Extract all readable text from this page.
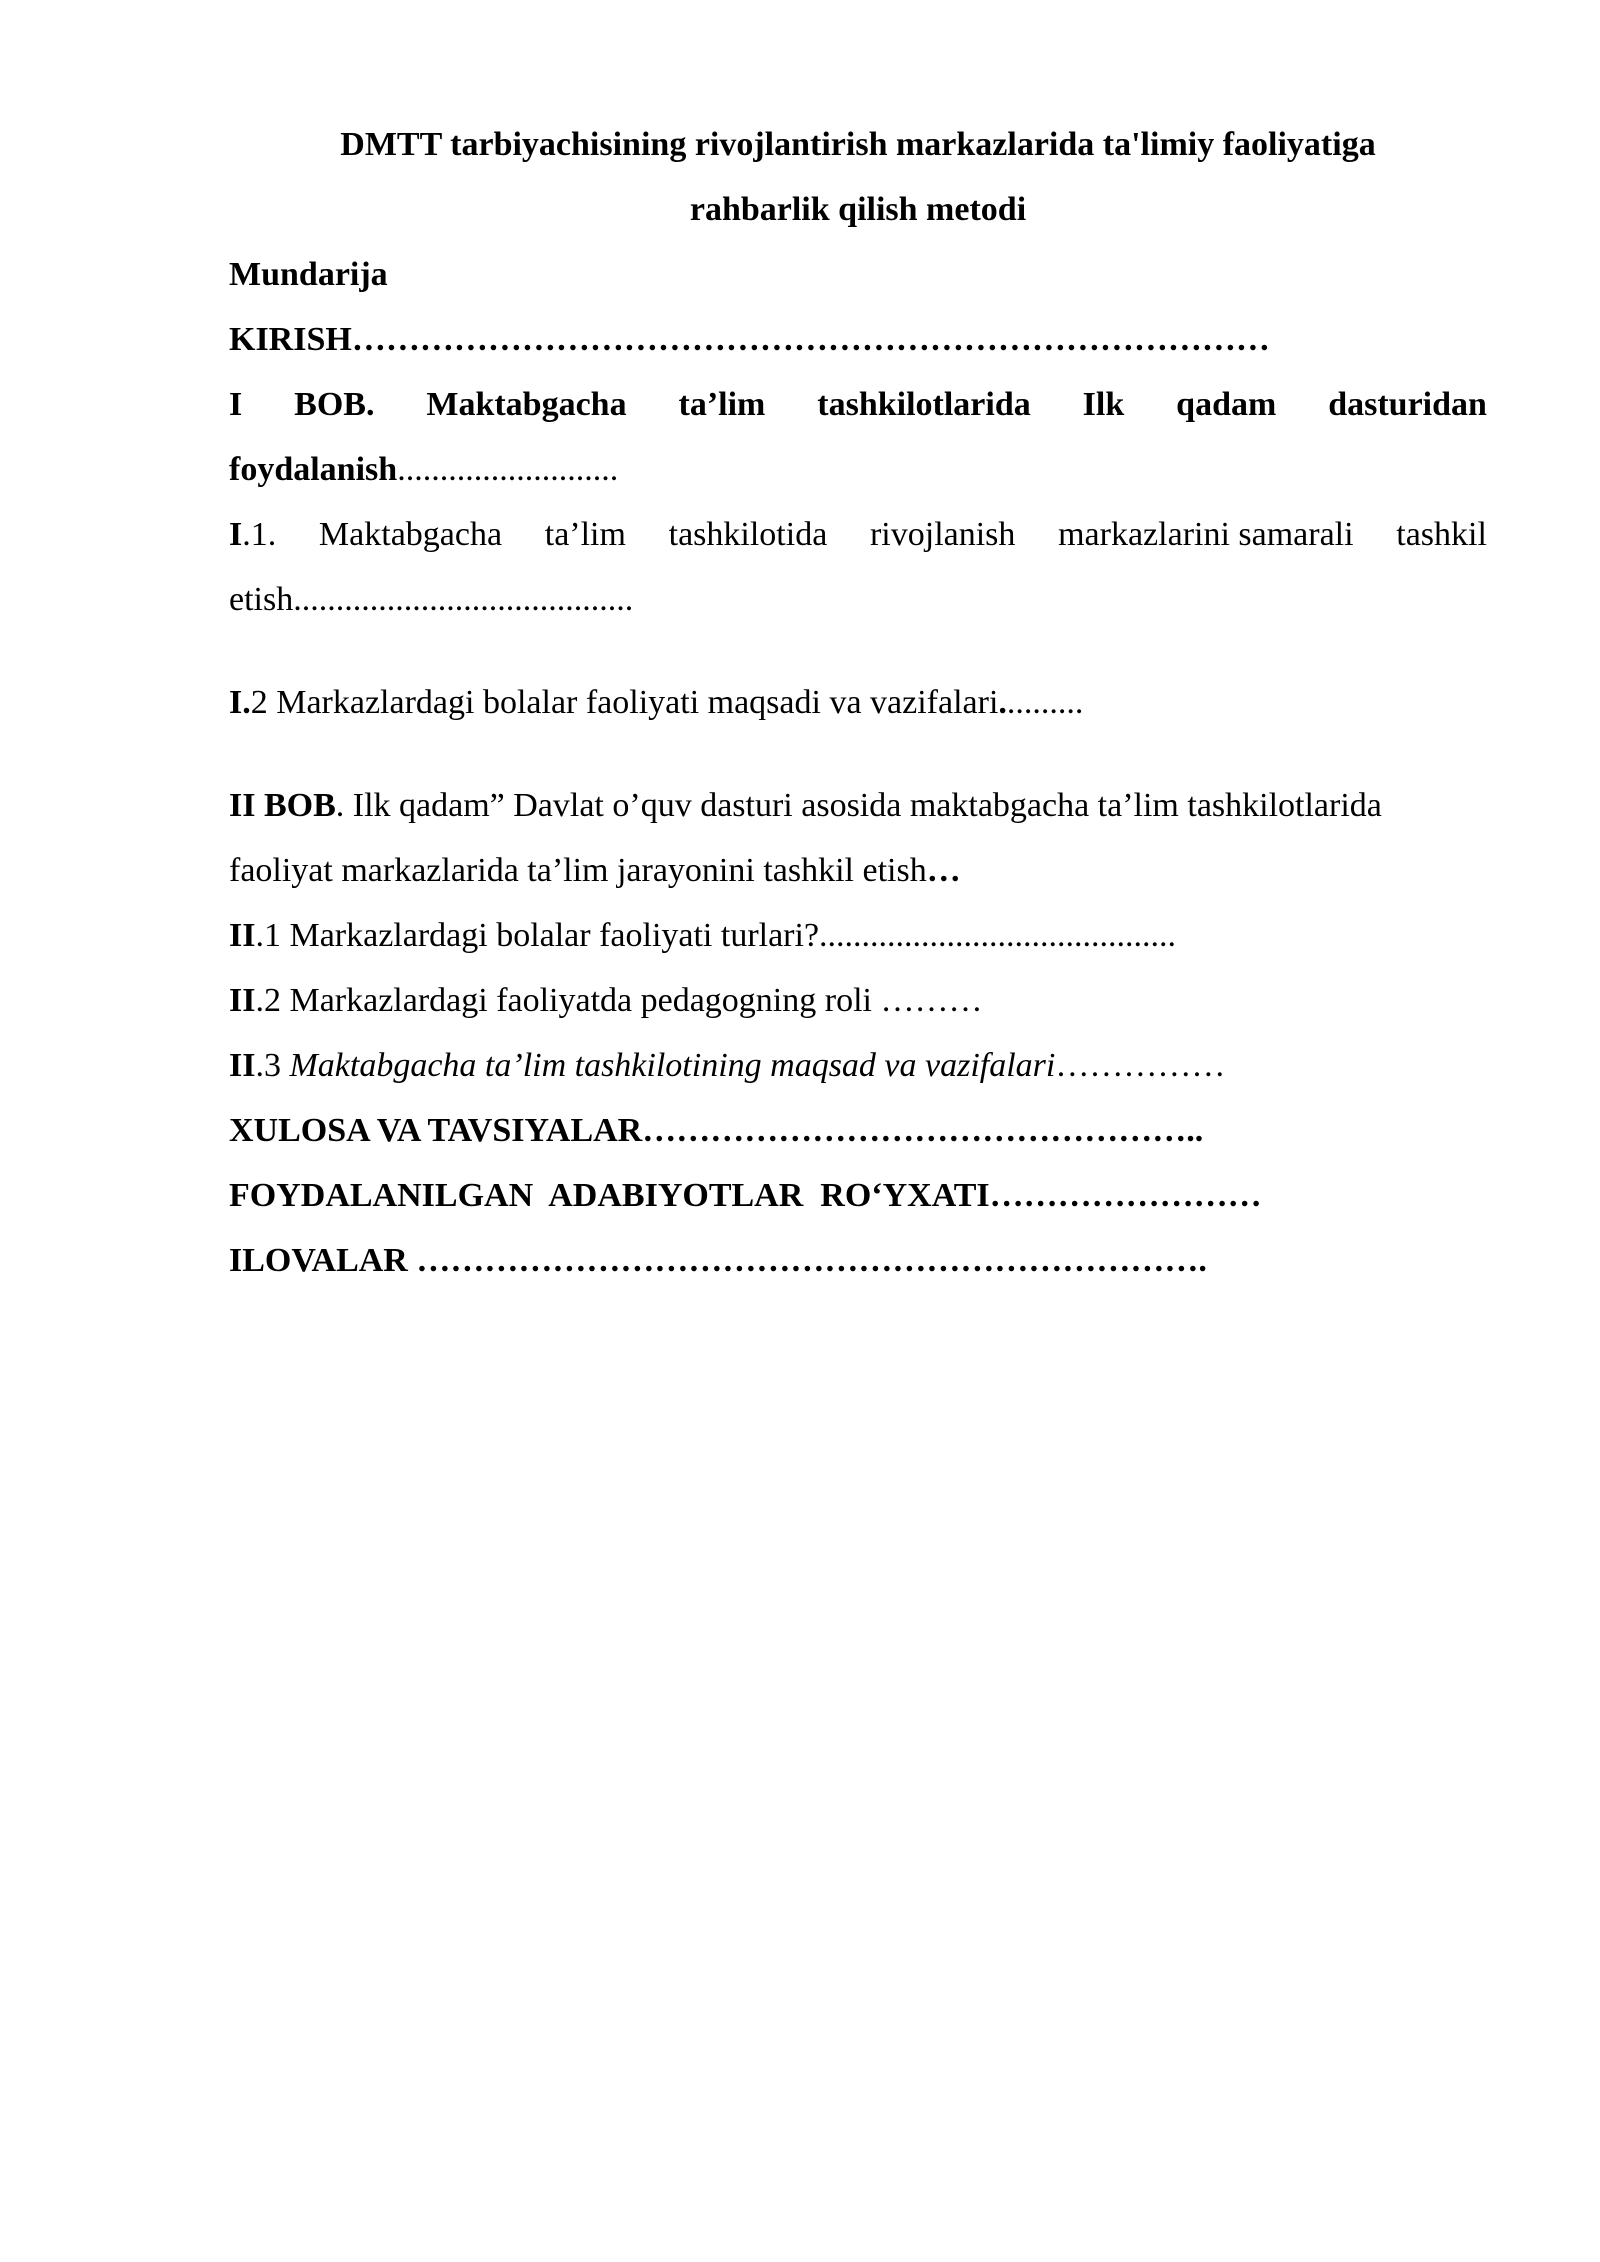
DMTT tarbiyachisining rivojlantirish markazlarida ta'limiy faoliyatiga
rahbarlik qilish metodi

Mundarija

KIRISH………………………………………………………………………

I BOB. Maktabgacha ta’lim tashkilotlarida Ilk qadam dasturidan

foydalanish..........................

I.1. Maktabgacha ta’lim tashkilotida rivojlanish markazlarini samarali tashkil

etish........................................

I.2 Markazlardagi bolalar faoliyati maqsadi va vazifalari..........

II BOB. Ilk qadam” Davlat o’quv dasturi asosida maktabgacha ta’lim tashkilotlarida

faoliyat markazlarida ta’lim jarayonini tashkil etish…

II.1 Markazlardagi bolalar faoliyati turlari?..........................................

II.2 Markazlardagi faoliyatda pedagogning roli ………

II.3 Maktabgacha ta’lim tashkilotining maqsad va vazifalari……………

XULOSA VA TAVSIYALAR…………………………………………..

FOYDALANILGAN  ADABIYOTLAR  RO‘YXATI……………………

ILOVALAR …………………………………………………………….
